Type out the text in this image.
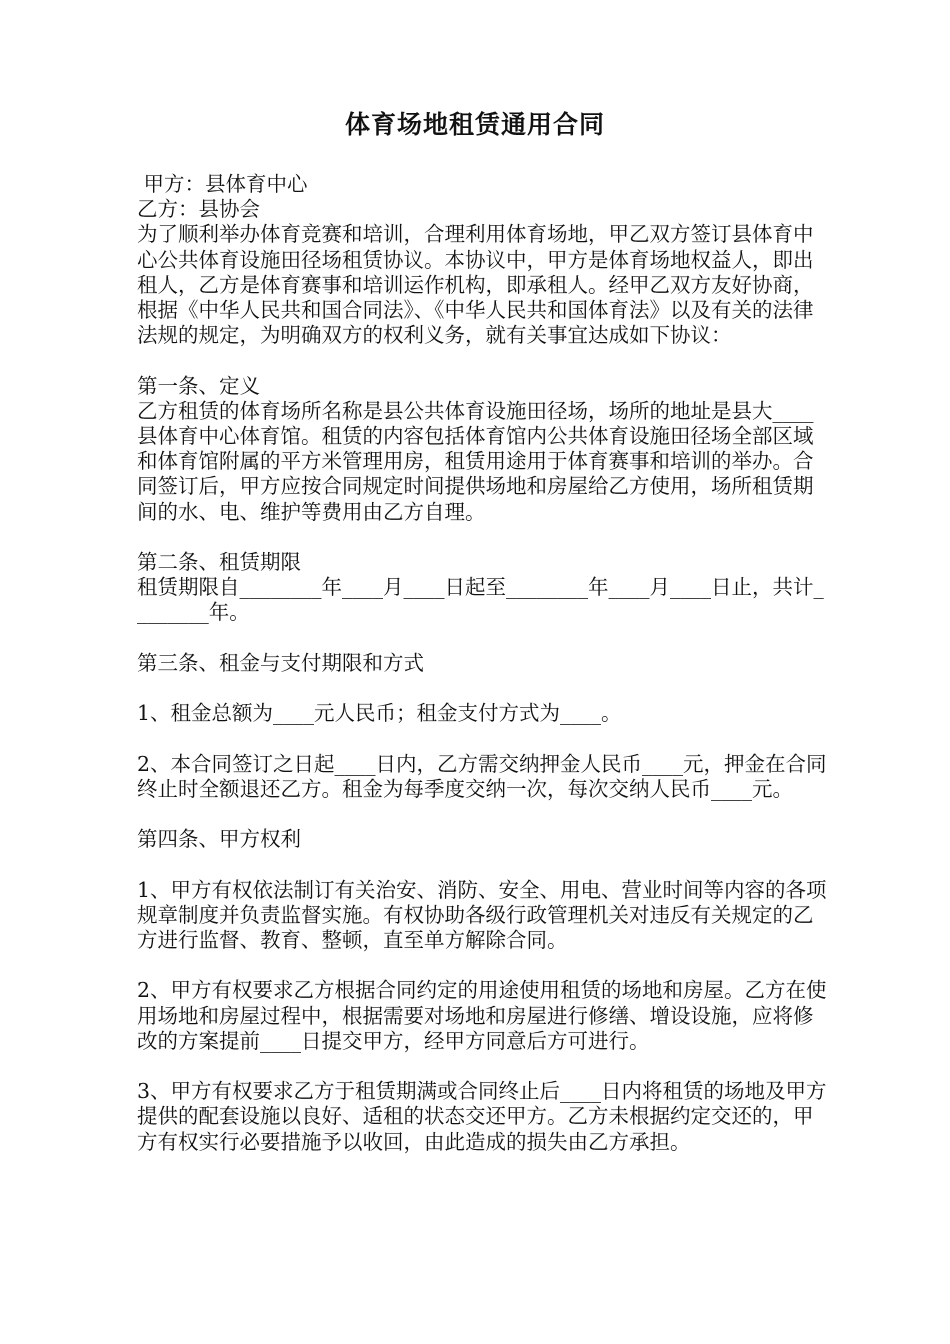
体育场地租赁通用合同

甲方：县体育中心

乙方：县协会

为了顺利举办体育竞赛和培训，合理利用体育场地，甲乙双方签订县体育中心公共体育设施田径场租赁协议。本协议中，甲方是体育场地权益人，即出租人，乙方是体育赛事和培训运作机构，即承租人。经甲乙双方友好协商，根据《中华人民共和国合同法》、《中华人民共和国体育法》以及有关的法律法规的规定，为明确双方的权利义务，就有关事宜达成如下协议：

第一条、定义

乙方租赁的体育场所名称是县公共体育设施田径场，场所的地址是县大____县体育中心体育馆。租赁的内容包括体育馆内公共体育设施田径场全部区域和体育馆附属的平方米管理用房，租赁用途用于体育赛事和培训的举办。合同签订后，甲方应按合同规定时间提供场地和房屋给乙方使用，场所租赁期间的水、电、维护等费用由乙方自理。

第二条、租赁期限

租赁期限自________年____月____日起至________年____月____日止，共计________年。

第三条、租金与支付期限和方式

1、租金总额为____元人民币；租金支付方式为____。

2、本合同签订之日起____日内，乙方需交纳押金人民币____元，押金在合同终止时全额退还乙方。租金为每季度交纳一次，每次交纳人民币____元。

第四条、甲方权利

1、甲方有权依法制订有关治安、消防、安全、用电、营业时间等内容的各项规章制度并负责监督实施。有权协助各级行政管理机关对违反有关规定的乙方进行监督、教育、整顿，直至单方解除合同。

2、甲方有权要求乙方根据合同约定的用途使用租赁的场地和房屋。乙方在使用场地和房屋过程中，根据需要对场地和房屋进行修缮、增设设施，应将修改的方案提前____日提交甲方，经甲方同意后方可进行。

3、甲方有权要求乙方于租赁期满或合同终止后____日内将租赁的场地及甲方提供的配套设施以良好、适租的状态交还甲方。乙方未根据约定交还的，甲方有权实行必要措施予以收回，由此造成的损失由乙方承担。
